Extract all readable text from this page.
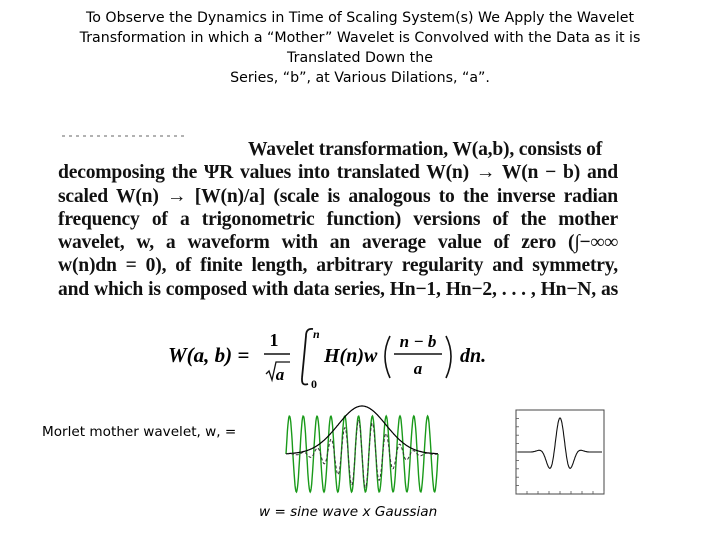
To Observe the Dynamics in Time of Scaling System(s) We Apply the Wavelet
Transformation in which a “Mother” Wavelet is Convolved with the Data as it is
Translated Down the
Series, “b”, at Various Dilations, “a”.
Wavelet transformation, W(a,b), consists of
decomposing the ΨR values into translated W(n) → W(n − b) and
scaled W(n) → [W(n)/a] (scale is analogous to the inverse radian
frequency of a trigonometric function) versions of the mother
wavelet, w, a waveform with an average value of zero (∫−∞∞
w(n)dn = 0), of finite length, arbitrary regularity and symmetry,
and which is composed with data series, Hn−1, Hn−2, . . . , Hn−N, as
W(a, b) =
1
a
n
0
H(n)w
n − b
a
dn.
Morlet mother wavelet, w, =
w = sine wave x Gaussian
